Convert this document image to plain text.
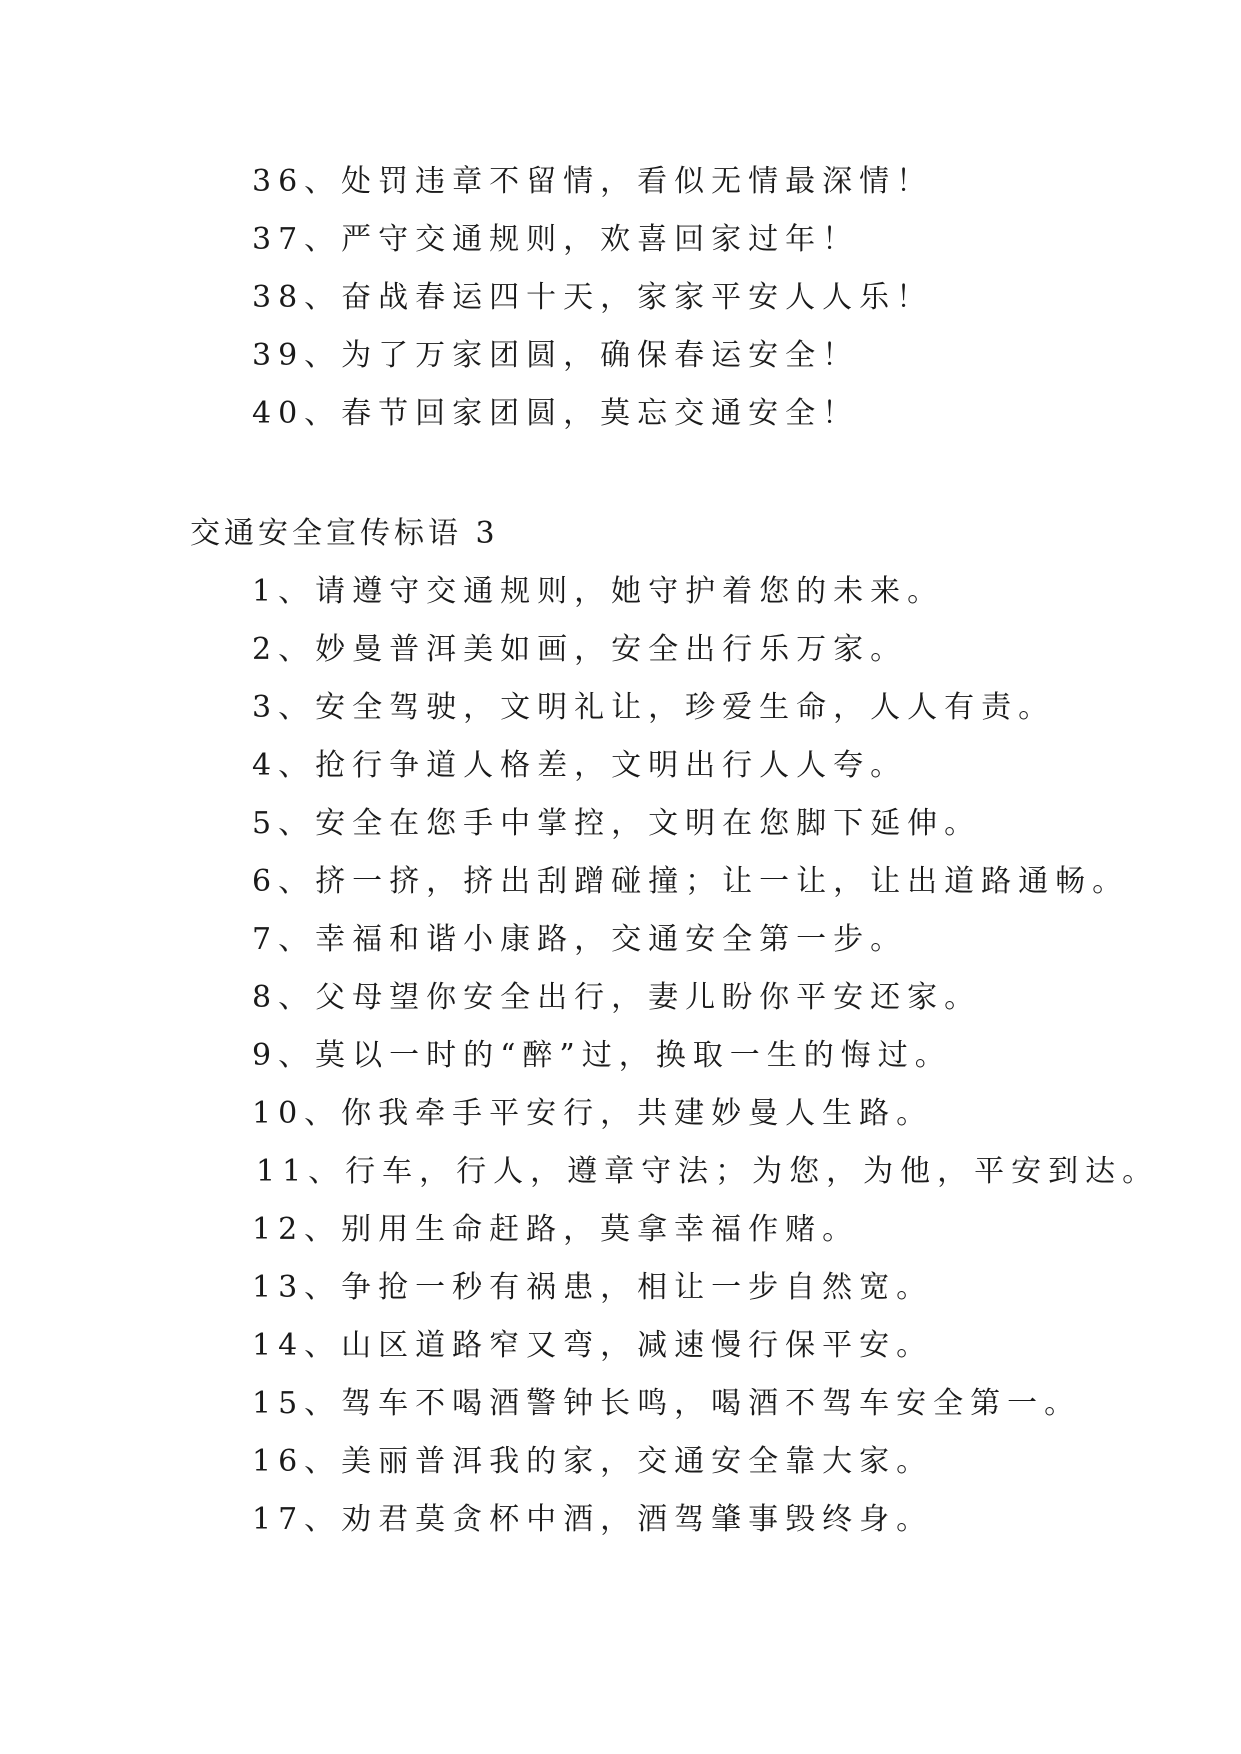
36、处罚违章不留情，看似无情最深情！
37、严守交通规则，欢喜回家过年！
38、奋战春运四十天，家家平安人人乐！
39、为了万家团圆，确保春运安全！
40、春节回家团圆，莫忘交通安全！
交通安全宣传标语 3
1、请遵守交通规则，她守护着您的未来。
2、妙曼普洱美如画，安全出行乐万家。
3、安全驾驶，文明礼让，珍爱生命，人人有责。
4、抢行争道人格差，文明出行人人夸。
5、安全在您手中掌控，文明在您脚下延伸。
6、挤一挤，挤出刮蹭碰撞；让一让，让出道路通畅。
7、幸福和谐小康路，交通安全第一步。
8、父母望你安全出行，妻儿盼你平安还家。
9、莫以一时的“醉”过，换取一生的悔过。
10、你我牵手平安行，共建妙曼人生路。
11、行车，行人，遵章守法；为您，为他，平安到达。
12、别用生命赶路，莫拿幸福作赌。
13、争抢一秒有祸患，相让一步自然宽。
14、山区道路窄又弯，减速慢行保平安。
15、驾车不喝酒警钟长鸣，喝酒不驾车安全第一。
16、美丽普洱我的家，交通安全靠大家。
17、劝君莫贪杯中酒，酒驾肇事毁终身。
